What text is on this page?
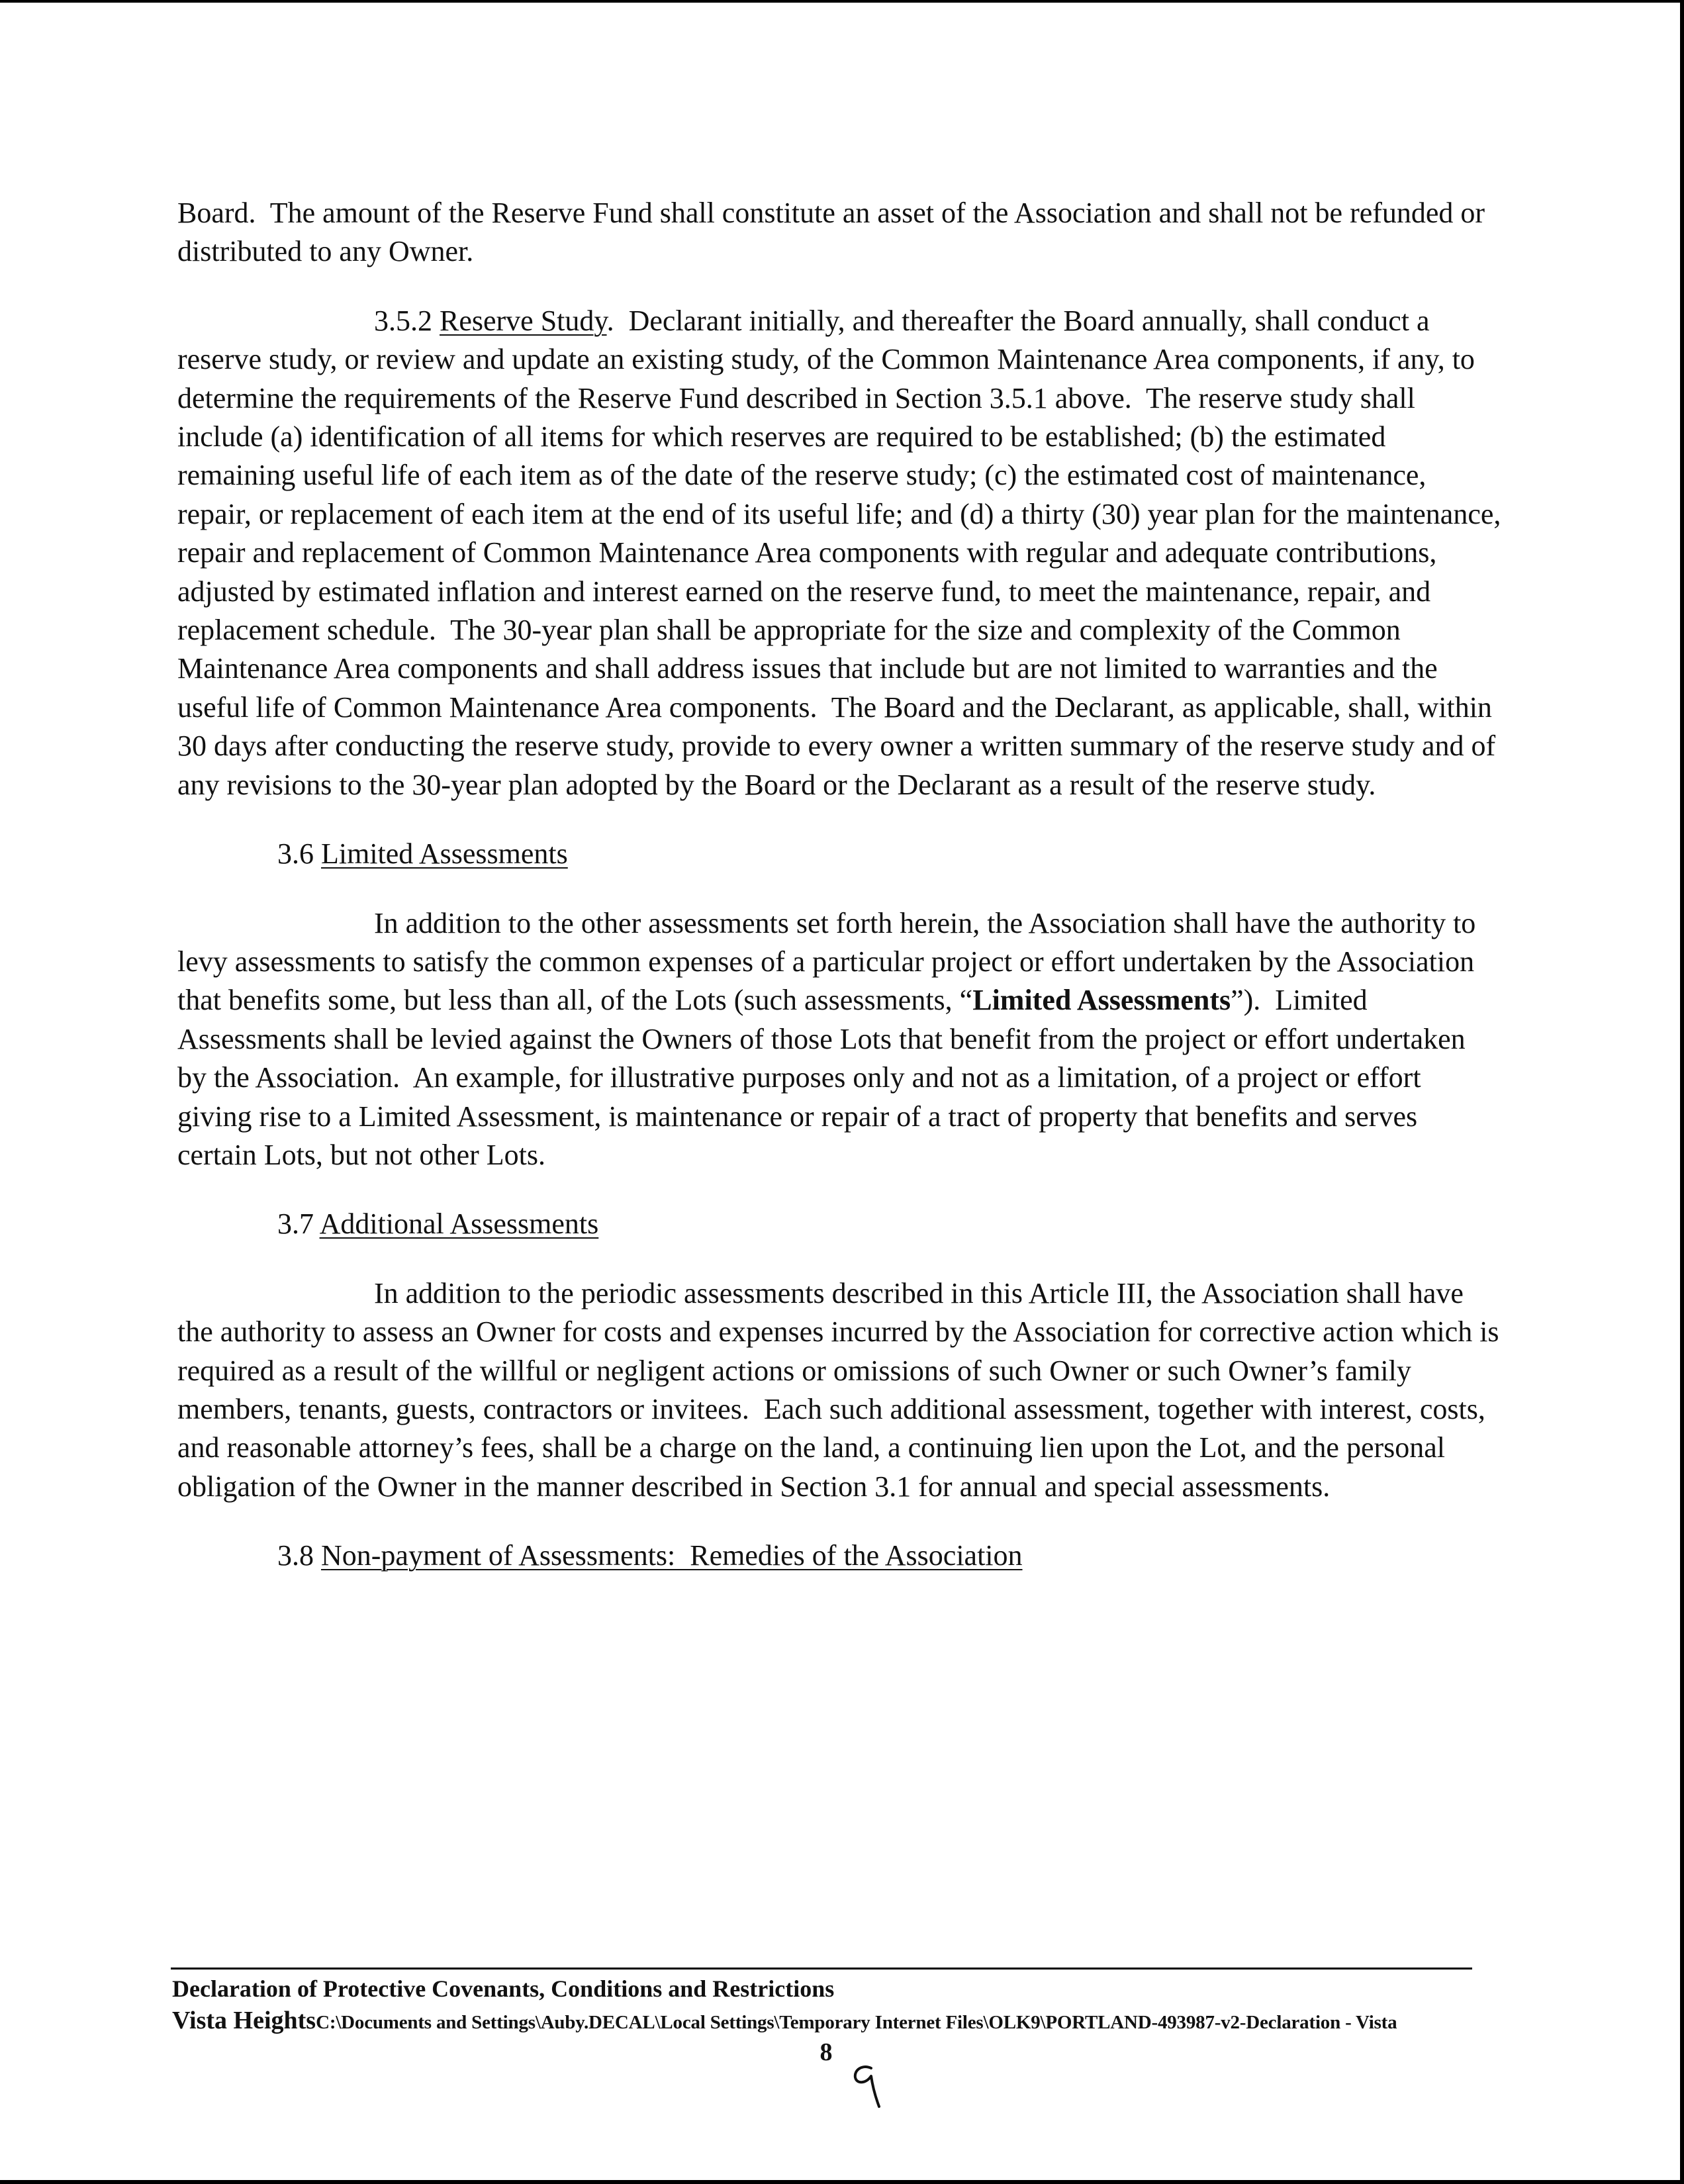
Board.  The amount of the Reserve Fund shall constitute an asset of the Association and shall not be refunded or distributed to any Owner.

3.5.2 Reserve Study.  Declarant initially, and thereafter the Board annually, shall conduct a reserve study, or review and update an existing study, of the Common Maintenance Area components, if any, to determine the requirements of the Reserve Fund described in Section 3.5.1 above.  The reserve study shall include (a) identification of all items for which reserves are required to be established; (b) the estimated remaining useful life of each item as of the date of the reserve study; (c) the estimated cost of maintenance, repair, or replacement of each item at the end of its useful life; and (d) a thirty (30) year plan for the maintenance, repair and replacement of Common Maintenance Area components with regular and adequate contributions, adjusted by estimated inflation and interest earned on the reserve fund, to meet the maintenance, repair, and replacement schedule.  The 30-year plan shall be appropriate for the size and complexity of the Common Maintenance Area components and shall address issues that include but are not limited to warranties and the useful life of Common Maintenance Area components.  The Board and the Declarant, as applicable, shall, within 30 days after conducting the reserve study, provide to every owner a written summary of the reserve study and of any revisions to the 30-year plan adopted by the Board or the Declarant as a result of the reserve study.

3.6 Limited Assessments

In addition to the other assessments set forth herein, the Association shall have the authority to levy assessments to satisfy the common expenses of a particular project or effort undertaken by the Association that benefits some, but less than all, of the Lots (such assessments, “Limited Assessments”).  Limited Assessments shall be levied against the Owners of those Lots that benefit from the project or effort undertaken by the Association.  An example, for illustrative purposes only and not as a limitation, of a project or effort giving rise to a Limited Assessment, is maintenance or repair of a tract of property that benefits and serves certain Lots, but not other Lots.

3.7 Additional Assessments

In addition to the periodic assessments described in this Article III, the Association shall have the authority to assess an Owner for costs and expenses incurred by the Association for corrective action which is required as a result of the willful or negligent actions or omissions of such Owner or such Owner’s family members, tenants, guests, contractors or invitees.  Each such additional assessment, together with interest, costs, and reasonable attorney’s fees, shall be a charge on the land, a continuing lien upon the Lot, and the personal obligation of the Owner in the manner described in Section 3.1 for annual and special assessments.

3.8 Non-payment of Assessments:  Remedies of the Association

Declaration of Protective Covenants, Conditions and Restrictions
Vista HeightsC:\Documents and Settings\Auby.DECAL\Local Settings\Temporary Internet Files\OLK9\PORTLAND-493987-v2-Declaration - Vista
8
